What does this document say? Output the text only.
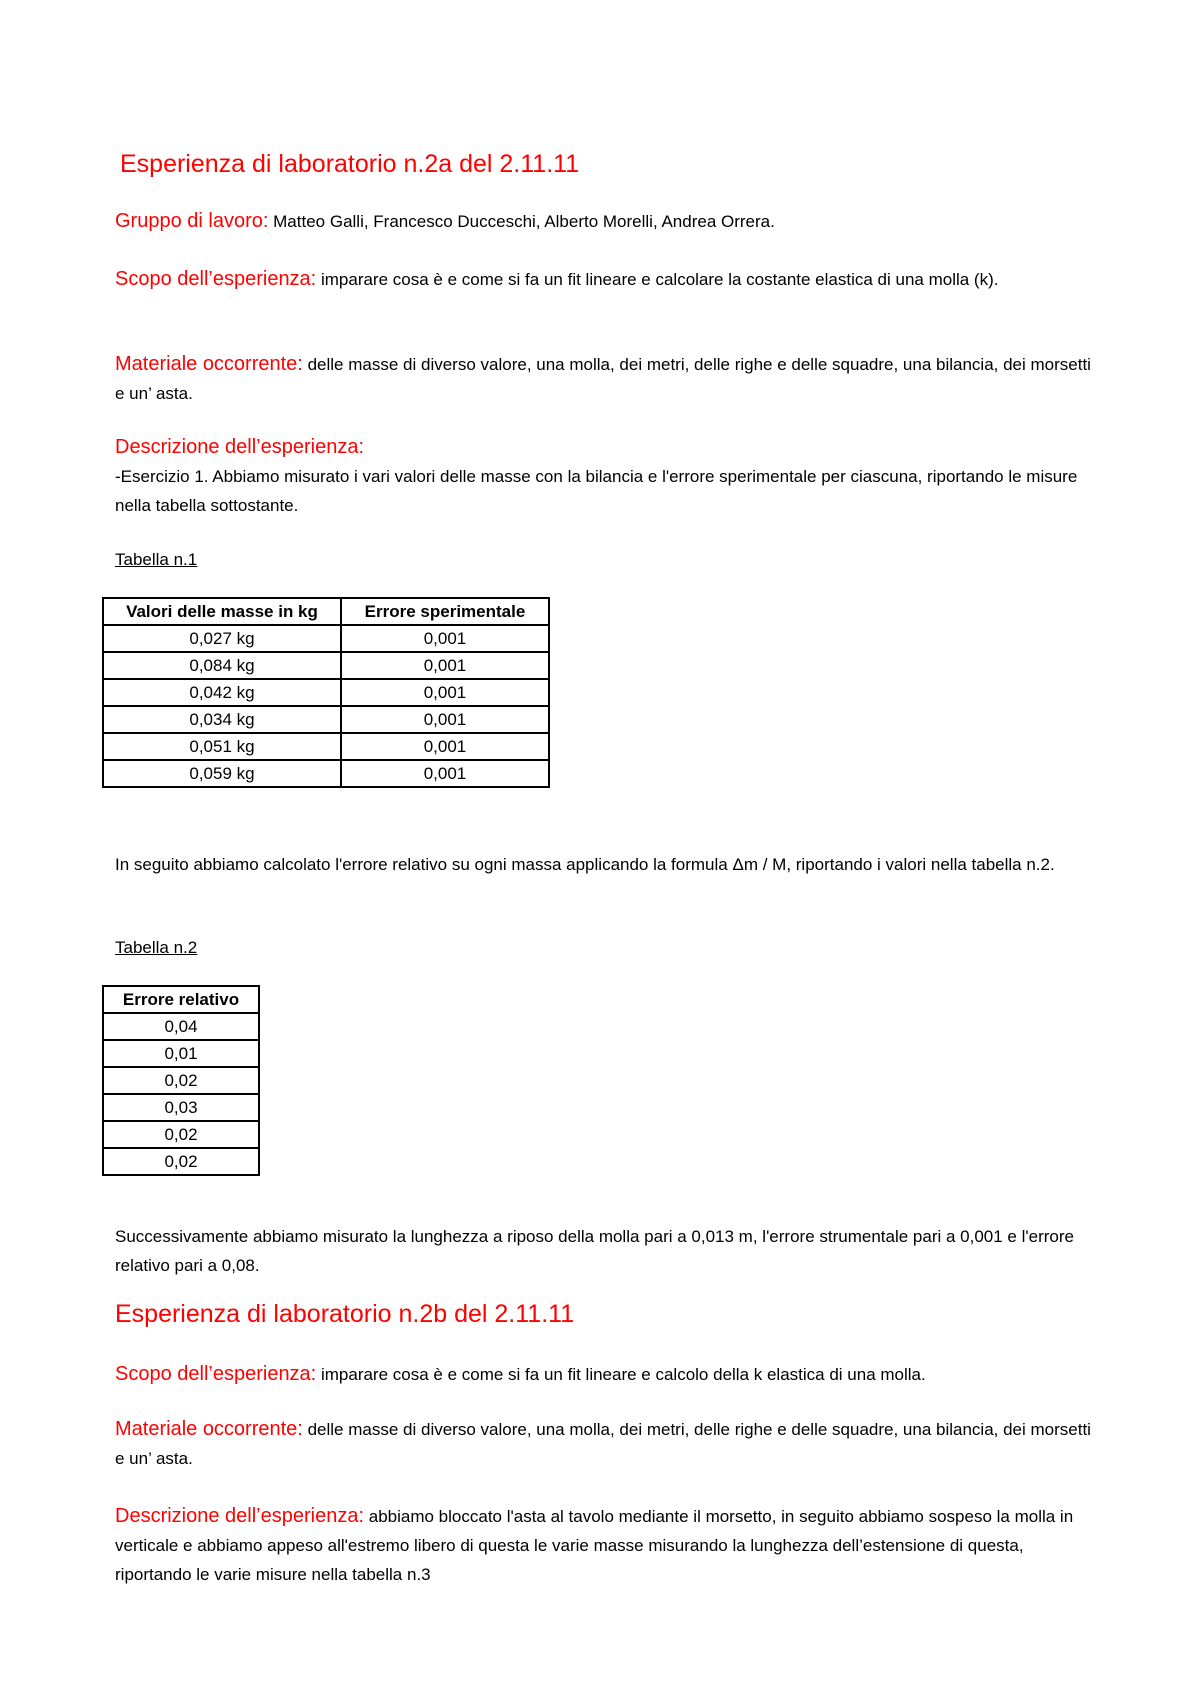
Esperienza di laboratorio n.2a del 2.11.11
Gruppo di lavoro: Matteo Galli, Francesco Ducceschi, Alberto Morelli, Andrea Orrera.
Scopo dell’esperienza: imparare cosa è e come si fa un fit lineare e calcolare la costante elastica di una molla (k).
Materiale occorrente: delle masse di diverso valore, una molla, dei metri, delle righe e delle squadre, una bilancia, dei morsetti e un’ asta.
Descrizione dell’esperienza:
-Esercizio 1. Abbiamo misurato i vari valori delle masse con la bilancia e l'errore sperimentale per ciascuna, riportando le misure nella tabella sottostante.
Tabella n.1
Valori delle masse in kg	Errore sperimentale
0,027 kg	0,001
0,084 kg	0,001
0,042 kg	0,001
0,034 kg	0,001
0,051 kg	0,001
0,059 kg	0,001
In seguito abbiamo calcolato l'errore relativo su ogni massa applicando la formula Δm / M, riportando i valori nella tabella n.2.
Tabella n.2
Errore relativo
0,04
0,01
0,02
0,03
0,02
0,02
Successivamente abbiamo misurato la lunghezza a riposo della molla pari a 0,013 m, l'errore strumentale pari a 0,001 e l'errore relativo pari a 0,08.
Esperienza di laboratorio n.2b del 2.11.11
Scopo dell’esperienza: imparare cosa è e come si fa un fit lineare e calcolo della k elastica di una molla.
Materiale occorrente: delle masse di diverso valore, una molla, dei metri, delle righe e delle squadre, una bilancia, dei morsetti e un’ asta.
Descrizione dell’esperienza: abbiamo bloccato l'asta al tavolo mediante il morsetto, in seguito abbiamo sospeso la molla in verticale e abbiamo appeso all'estremo libero di questa le varie masse misurando la lunghezza dell’estensione di questa, riportando le varie misure nella tabella n.3
